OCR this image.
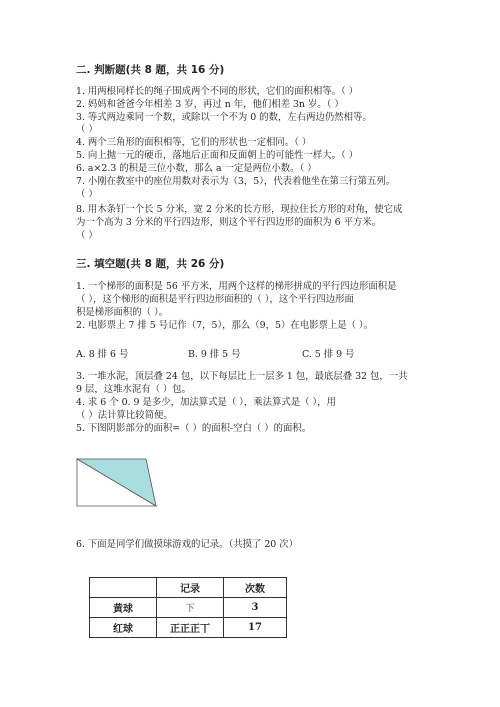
二. 判断题(共 8 题，共 16 分)
1. 用两根同样长的绳子围成两个不同的形状，它们的面积相等。（ ）
2. 妈妈和爸爸今年相差 3 岁，再过 n 年，他们相差 3n 岁。（ ）
3. 等式两边乘同一个数，或除以一个不为 0 的数，左右两边仍然相等。
（ ）
4. 两个三角形的面积相等，它们的形状也一定相同。（ ）
5. 向上抛一元的硬币，落地后正面和反面朝上的可能性一样大。（ ）
6. a×2.3 的积是三位小数，那么 a 一定是两位小数。（ ）
7. 小刚在教室中的座位用数对表示为（3，5），代表着他坐在第三行第五列。
（ ）
8. 用木条钉一个长 5 分米，宽 2 分米的长方形，现拉住长方形的对角，使它成
为一个高为 3 分米的平行四边形，则这个平行四边形的面积为 6 平方米。
（ ）
三. 填空题(共 8 题，共 26 分)
1. 一个梯形的面积是 56 平方米，用两个这样的梯形拼成的平行四边形面积是
（ ），这个梯形的面积是平行四边形面积的（ ），这个平行四边形面
积是梯形面积的（ ）。
2. 电影票上 7 排 5 号记作（7，5），那么（9，5）在电影票上是（ ）。
A. 8 排 6 号	B. 9 排 5 号	C. 5 排 9 号
3. 一堆水泥，顶层叠 24 包，以下每层比上一层多 1 包，最底层叠 32 包，一共
9 层，这堆水泥有（ ）包。
4. 求 6 个 0. 9 是多少，加法算式是（ ），乘法算式是（ ），用
（ ）法计算比较简便。
5. 下图阴影部分的面积=（ ）的面积-空白（ ）的面积。
6. 下面是同学们做摸球游戏的记录。（共摸了 20 次）
	记录	次数
黄球	下	3
红球	正正正丅	17
